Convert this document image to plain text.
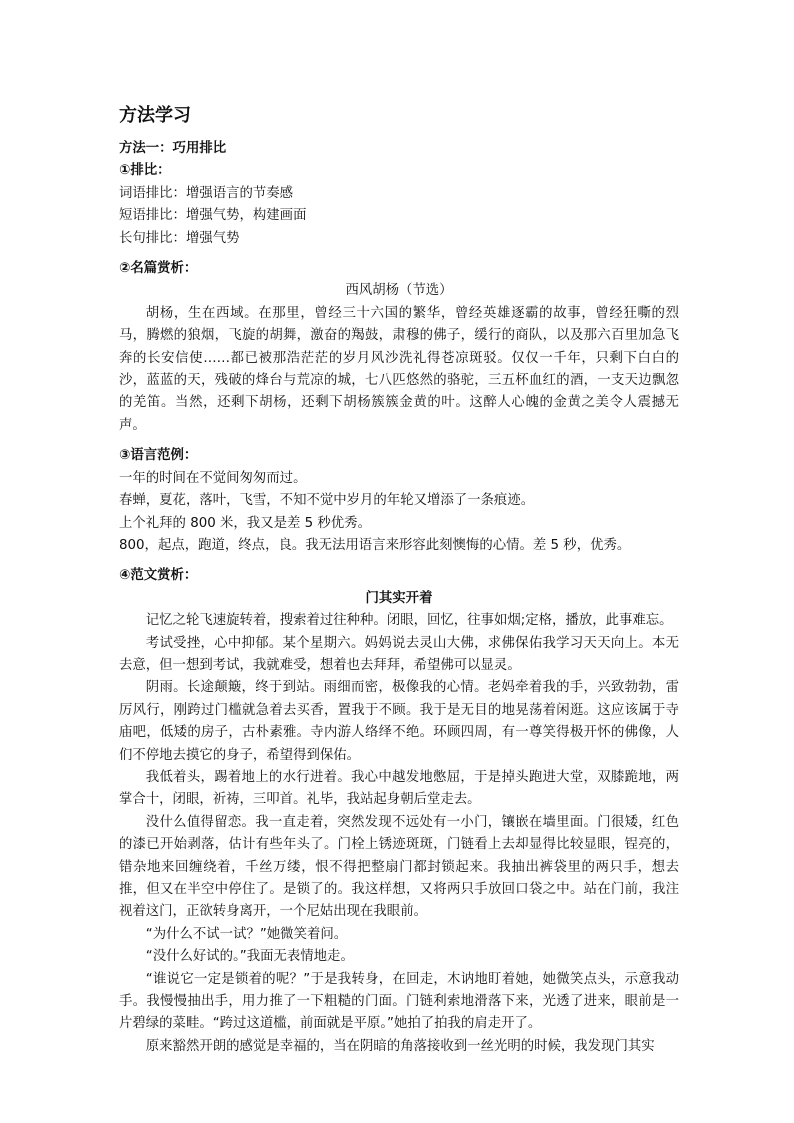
方法学习

方法一：巧用排比

①排比：

词语排比：增强语言的节奏感

短语排比：增强气势，构建画面

长句排比：增强气势

②名篇赏析：

西风胡杨（节选）

胡杨，生在西域。在那里，曾经三十六国的繁华，曾经英雄逐霸的故事，曾经狂嘶的烈马，腾燃的狼烟，飞旋的胡舞，激奋的羯鼓，肃穆的佛子，缓行的商队，以及那六百里加急飞奔的长安信使……都已被那浩茫茫的岁月风沙洗礼得苍凉斑驳。仅仅一千年，只剩下白白的沙，蓝蓝的天，残破的烽台与荒凉的城，七八匹悠然的骆驼，三五杯血红的酒，一支天边飘忽的羌笛。当然，还剩下胡杨，还剩下胡杨簇簇金黄的叶。这醉人心魄的金黄之美令人震撼无声。

③语言范例：

一年的时间在不觉间匆匆而过。

春蝉，夏花，落叶，飞雪，不知不觉中岁月的年轮又增添了一条痕迹。

上个礼拜的 800 米，我又是差 5 秒优秀。

800，起点，跑道，终点，良。我无法用语言来形容此刻懊悔的心情。差 5 秒，优秀。

④范文赏析：

门其实开着

记忆之轮飞速旋转着，搜索着过往种种。闭眼，回忆，往事如烟;定格，播放，此事难忘。

考试受挫，心中抑郁。某个星期六。妈妈说去灵山大佛，求佛保佑我学习天天向上。本无去意，但一想到考试，我就难受，想着也去拜拜，希望佛可以显灵。

阴雨。长途颠簸，终于到站。雨细而密，极像我的心情。老妈牵着我的手，兴致勃勃，雷厉风行，刚跨过门槛就急着去买香，置我于不顾。我于是无目的地晃荡着闲逛。这应该属于寺庙吧，低矮的房子，古朴素雅。寺内游人络绎不绝。环顾四周，有一尊笑得极开怀的佛像，人们不停地去摸它的身子，希望得到保佑。

我低着头，踢着地上的水行进着。我心中越发地憋屈，于是掉头跑进大堂，双膝跪地，两掌合十，闭眼，祈祷，三叩首。礼毕，我站起身朝后堂走去。

没什么值得留恋。我一直走着，突然发现不远处有一小门，镶嵌在墙里面。门很矮，红色的漆已开始剥落，估计有些年头了。门栓上锈迹斑斑，门链看上去却显得比较显眼，锃亮的，错杂地来回缠绕着，千丝万缕，恨不得把整扇门都封锁起来。我抽出裤袋里的两只手，想去推，但又在半空中停住了。是锁了的。我这样想，又将两只手放回口袋之中。站在门前，我注视着这门，正欲转身离开，一个尼姑出现在我眼前。

“为什么不试一试？”她微笑着问。

“没什么好试的。”我面无表情地走。

“谁说它一定是锁着的呢？”于是我转身，在回走，木讷地盯着她，她微笑点头，示意我动手。我慢慢抽出手，用力推了一下粗糙的门面。门链利索地滑落下来，光透了进来，眼前是一片碧绿的菜畦。“跨过这道槛，前面就是平原。”她拍了拍我的肩走开了。

原来豁然开朗的感觉是幸福的，当在阴暗的角落接收到一丝光明的时候，我发现门其实
